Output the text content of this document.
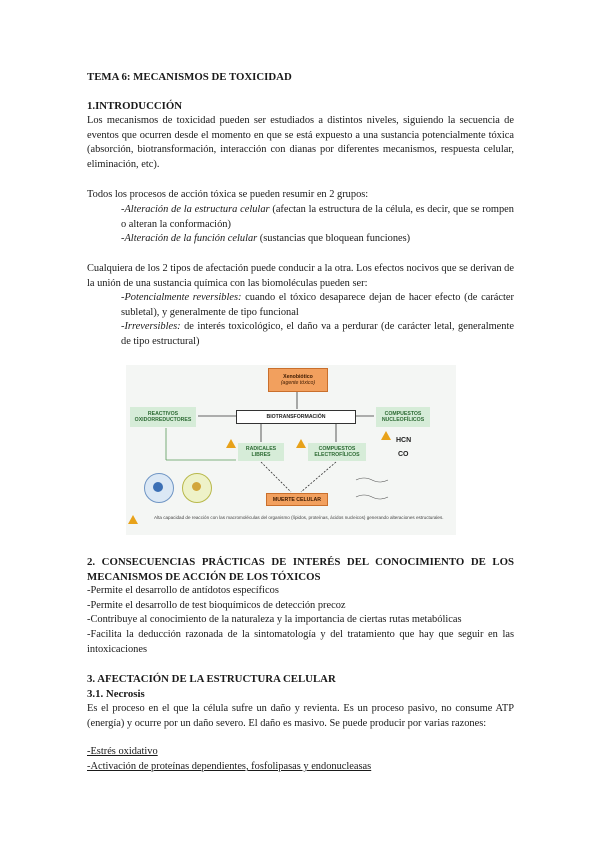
TEMA 6: MECANISMOS DE TOXICIDAD
1.INTRODUCCIÓN
Los mecanismos de toxicidad pueden ser estudiados a distintos niveles, siguiendo la secuencia de eventos que ocurren desde el momento en que se está expuesto a una sustancia potencialmente tóxica (absorción, biotransformación, interacción con dianas por diferentes mecanismos, respuesta celular, eliminación, etc).
Todos los procesos de acción tóxica se pueden resumir en 2 grupos:
-Alteración de la estructura celular (afectan la estructura de la célula, es decir, que se rompen o alteran la conformación)
-Alteración de la función celular (sustancias que bloquean funciones)
Cualquiera de los 2 tipos de afectación puede conducir a la otra. Los efectos nocivos que se derivan de la unión de una sustancia química con las biomoléculas pueden ser:
-Potencialmente reversibles: cuando el tóxico desaparece dejan de hacer efecto (de carácter subletal), y generalmente de tipo funcional
-Irreversibles: de interés toxicológico, el daño va a perdurar (de carácter letal, generalmente de tipo estructural)
Xenobiótico
(agente tóxico)
BIOTRANSFORMACIÓN
REACTIVOS OXIDORREDUCTORES
COMPUESTOS NUCLEOFÍLICOS
RADICALES LIBRES
COMPUESTOS ELECTROFÍLICOS
MUERTE CELULAR
HCN
CO
Alta capacidad de reacción con las macromoléculas del organismo (lípidos, proteínas, ácidos nucleicos) generando alteraciones estructurales.
2. CONSECUENCIAS PRÁCTICAS DE INTERÉS DEL CONOCIMIENTO DE LOS MECANISMOS DE ACCIÓN DE LOS TÓXICOS
-Permite el desarrollo de antídotos específicos
-Permite el desarrollo de test bioquímicos de detección precoz
-Contribuye al conocimiento de la naturaleza y la importancia de ciertas rutas metabólicas
-Facilita la deducción razonada de la sintomatología y del tratamiento que hay que seguir en las intoxicaciones
3. AFECTACIÓN DE LA ESTRUCTURA CELULAR
3.1. Necrosis
Es el proceso en el que la célula sufre un daño y revienta. Es un proceso pasivo, no consume ATP (energía) y ocurre por un daño severo. El daño es masivo. Se puede producir por varias razones:
-Estrés oxidativo
-Activación de proteínas dependientes, fosfolipasas y endonucleasas
